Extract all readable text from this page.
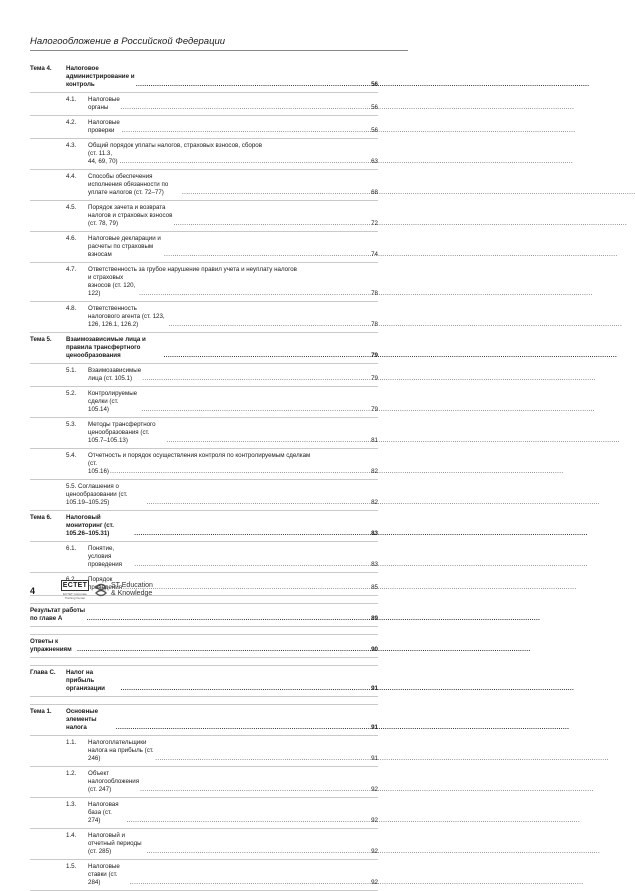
Налогообложение в Российской Федерации
Тема 4. Налоговое администрирование и контроль .....	56
4.1. Налоговые органы .....	56
4.2. Налоговые проверки .....	56
4.3. Общий порядок уплаты налогов, страховых взносов, сборов
(ст. 11.3, 44, 69, 70) .....	63
4.4. Способы обеспечения исполнения обязанности по уплате налогов (ст. 72–77) .....	68
4.5. Порядок зачета и возврата налогов и страховых взносов (ст. 78, 79) .....	72
4.6. Налоговые декларации и расчеты по страховым взносам .....	74
4.7. Ответственность за грубое нарушение правил учета и неуплату налогов
и страховых взносов (ст. 120, 122) .....	78
4.8. Ответственность налогового агента (ст. 123, 126, 126.1, 126.2) .....	78
Тема 5. Взаимозависимые лица и правила трансфертного ценообразования .....	79
5.1. Взаимозависимые лица (ст. 105.1) .....	79
5.2. Контролируемые сделки (ст. 105.14) .....	79
5.3. Методы трансфертного ценообразования (ст. 105.7–105.13) .....	81
5.4. Отчетность и порядок осуществления контроля по контролируемым сделкам
(ст. 105.16) .....	82
5.5. Соглашения о ценообразовании (ст. 105.19–105.25) .....	82
Тема 6. Налоговый мониторинг (ст. 105.26–105.31) .....	83
6.1. Понятие, условия проведения .....	83
6.2. Порядок проведения .....	85
Результат работы по главе А .....	89
Ответы к упражнениям .....	90
Глава С. Налог на прибыль организации .....	91
Тема 1. Основные элементы налога .....	91
1.1. Налогоплательщики налога на прибыль (ст. 246) .....	91
1.2. Объект налогообложения (ст. 247) .....	92
1.3. Налоговая база (ст. 274) .....	92
1.4. Налоговый и отчетный периоды (ст. 285) .....	92
1.5. Налоговые ставки (ст. 284) .....	92
4
ECTET
ECTET Corporate Training Center
ST Education
& Knowledge
